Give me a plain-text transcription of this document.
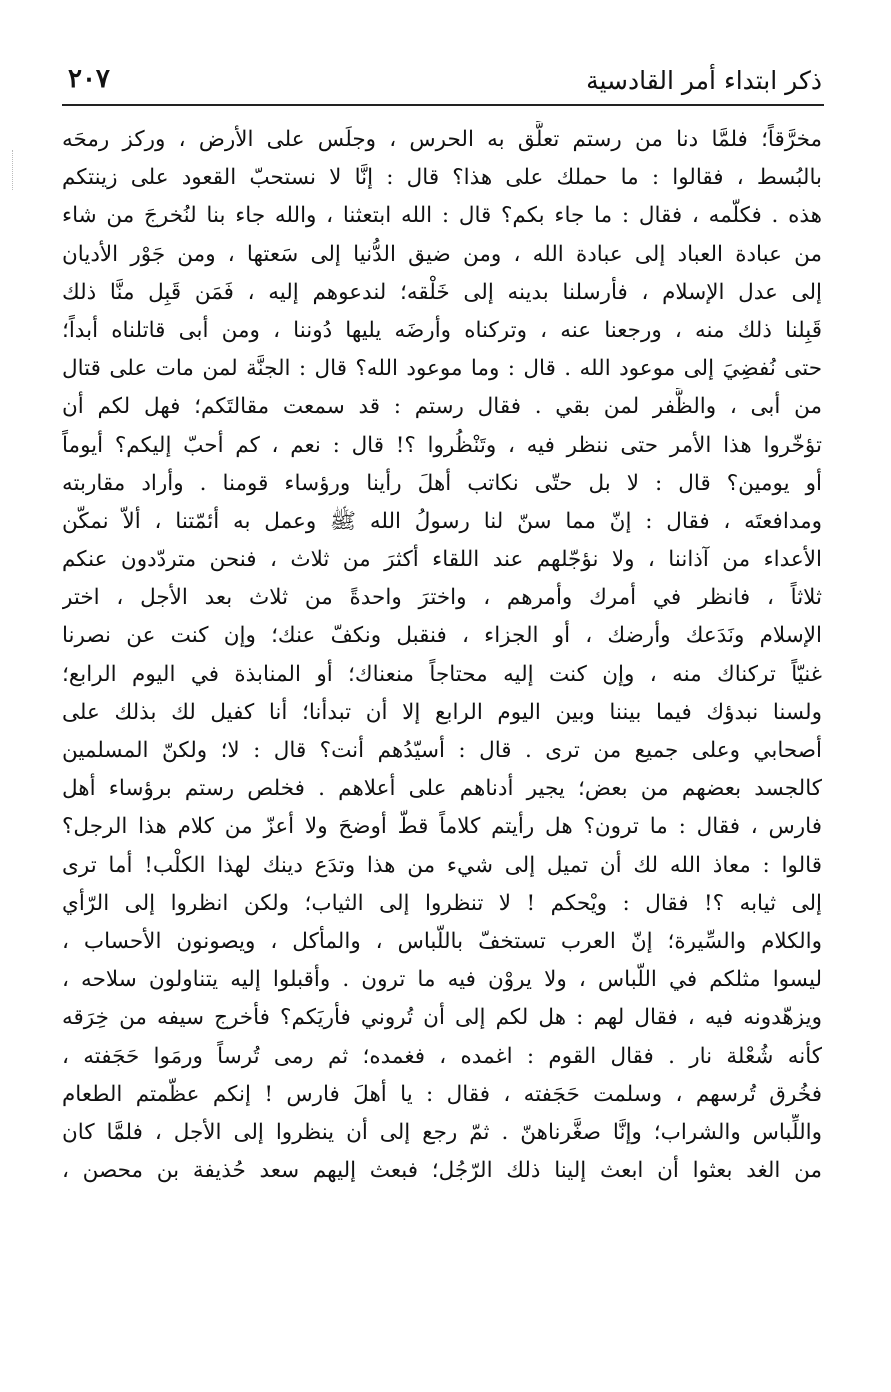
ذكر ابتداء أمر القادسية
٢٠٧
مخرَّقاً؛ فلمَّا دنا من رستم تعلَّق به الحرس ، وجلَس على الأرض ، وركز رمحَه
بالبُسط ، فقالوا : ما حملك على هذا؟ قال : إنَّا لا نستحبّ القعود على زينتكم
هذه . فكلّمه ، فقال : ما جاء بكم؟ قال : الله ابتعثنا ، والله جاء بنا لنُخرجَ من شاء
من عبادة العباد إلى عبادة الله ، ومن ضيق الدُّنيا إلى سَعتها ، ومن جَوْر الأديان
إلى عدل الإسلام ، فأرسلنا بدينه إلى خَلْقه؛ لندعوهم إليه ، فَمَن قَبِل منَّا ذلك
قَبِلنا ذلك منه ، ورجعنا عنه ، وتركناه وأرضَه يليها دُوننا ، ومن أبى قاتلناه أبداً؛
حتى نُفضِيَ إلى موعود الله . قال : وما موعود الله؟ قال : الجنَّة لمن مات على قتال
من أبى ، والظَّفر لمن بقي . فقال رستم : قد سمعت مقالتَكم؛ فهل لكم أن
تؤخّروا هذا الأمر حتى ننظر فيه ، وتَنْظُروا ؟! قال : نعم ، كم أحبّ إليكم؟ أيوماً
أو يومين؟ قال : لا بل حتّى نكاتب أهلَ رأينا ورؤساء قومنا . وأراد مقاربته
ومدافعتَه ، فقال : إنّ مما سنّ لنا رسولُ الله ﷺ وعمل به أئمّتنا ، ألاّ نمكّن
الأعداء من آذاننا ، ولا نؤجّلهم عند اللقاء أكثرَ من ثلاث ، فنحن متردّدون عنكم
ثلاثاً ، فانظر في أمرك وأمرهم ، واخترَ واحدةً من ثلاث بعد الأجل ، اختر
الإسلام ونَدَعك وأرضك ، أو الجزاء ، فنقبل ونكفّ عنك؛ وإن كنت عن نصرنا
غنيّاً تركناك منه ، وإن كنت إليه محتاجاً منعناك؛ أو المنابذة في اليوم الرابع؛
ولسنا نبدؤك فيما بيننا وبين اليوم الرابع إلا أن تبدأنا؛ أنا كفيل لك بذلك على
أصحابي وعلى جميع من ترى . قال : أسيّدُهم أنت؟ قال : لا؛ ولكنّ المسلمين
كالجسد بعضهم من بعض؛ يجير أدناهم على أعلاهم . فخلص رستم برؤساء أهل
فارس ، فقال : ما ترون؟ هل رأيتم كلاماً قطّ أوضحَ ولا أعزّ من كلام هذا الرجل؟
قالوا : معاذ الله لك أن تميل إلى شيء من هذا وتدَع دينك لهذا الكلْب! أما ترى
إلى ثيابه ؟! فقال : ويْحكم ! لا تنظروا إلى الثياب؛ ولكن انظروا إلى الرّأي
والكلام والسِّيرة؛ إنّ العرب تستخفّ باللّباس ، والمأكل ، ويصونون الأحساب ،
ليسوا مثلكم في اللّباس ، ولا يروْن فيه ما ترون . وأقبلوا إليه يتناولون سلاحه ،
ويزهّدونه فيه ، فقال لهم : هل لكم إلى أن تُروني فأريَكم؟ فأخرج سيفه من خِرَقه
كأنه شُعْلة نار . فقال القوم : اغمده ، فغمده؛ ثم رمى تُرساً ورمَوا حَجَفته ،
فخُرق تُرسهم ، وسلمت حَجَفته ، فقال : يا أهلَ فارس ! إنكم عظّمتم الطعام
واللِّباس والشراب؛ وإنَّا صغَّرناهنّ . ثمّ رجع إلى أن ينظروا إلى الأجل ، فلمَّا كان
من الغد بعثوا أن ابعث إلينا ذلك الرّجُل؛ فبعث إليهم سعد حُذيفة بن محصن ،
